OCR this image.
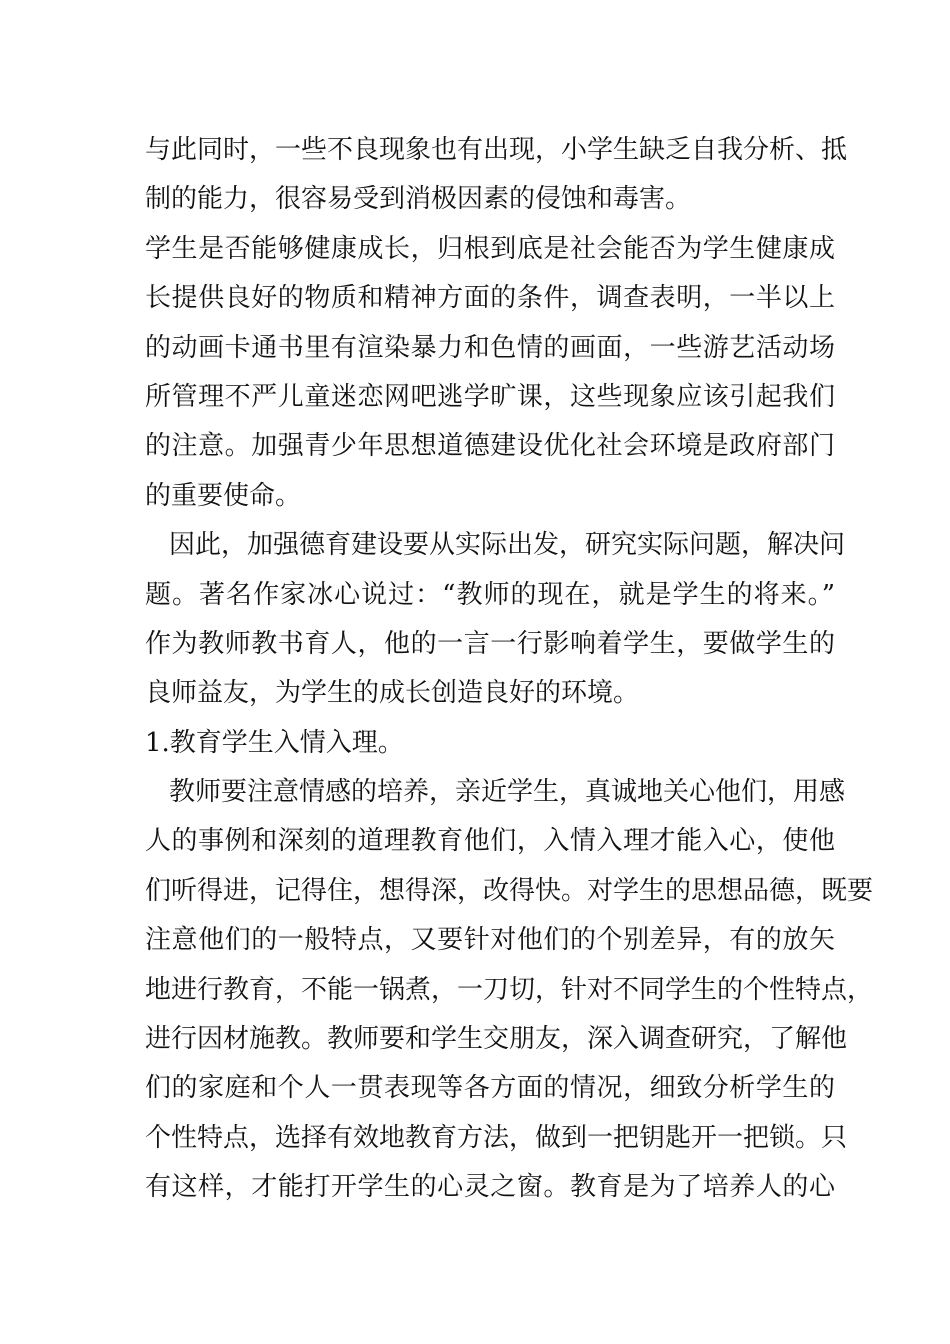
与此同时，一些不良现象也有出现，小学生缺乏自我分析、抵
制的能力，很容易受到消极因素的侵蚀和毒害。
学生是否能够健康成长，归根到底是社会能否为学生健康成
长提供良好的物质和精神方面的条件，调查表明，一半以上
的动画卡通书里有渲染暴力和色情的画面，一些游艺活动场
所管理不严儿童迷恋网吧逃学旷课，这些现象应该引起我们
的注意。加强青少年思想道德建设优化社会环境是政府部门
的重要使命。
因此，加强德育建设要从实际出发，研究实际问题，解决问
题。著名作家冰心说过：“教师的现在，就是学生的将来。”
作为教师教书育人，他的一言一行影响着学生，要做学生的
良师益友，为学生的成长创造良好的环境。
1.教育学生入情入理。
教师要注意情感的培养，亲近学生，真诚地关心他们，用感
人的事例和深刻的道理教育他们，入情入理才能入心，使他
们听得进，记得住，想得深，改得快。对学生的思想品德，既要
注意他们的一般特点，又要针对他们的个别差异，有的放矢
地进行教育，不能一锅煮，一刀切，针对不同学生的个性特点，
进行因材施教。教师要和学生交朋友，深入调查研究，了解他
们的家庭和个人一贯表现等各方面的情况，细致分析学生的
个性特点，选择有效地教育方法，做到一把钥匙开一把锁。只
有这样，才能打开学生的心灵之窗。教育是为了培养人的心
